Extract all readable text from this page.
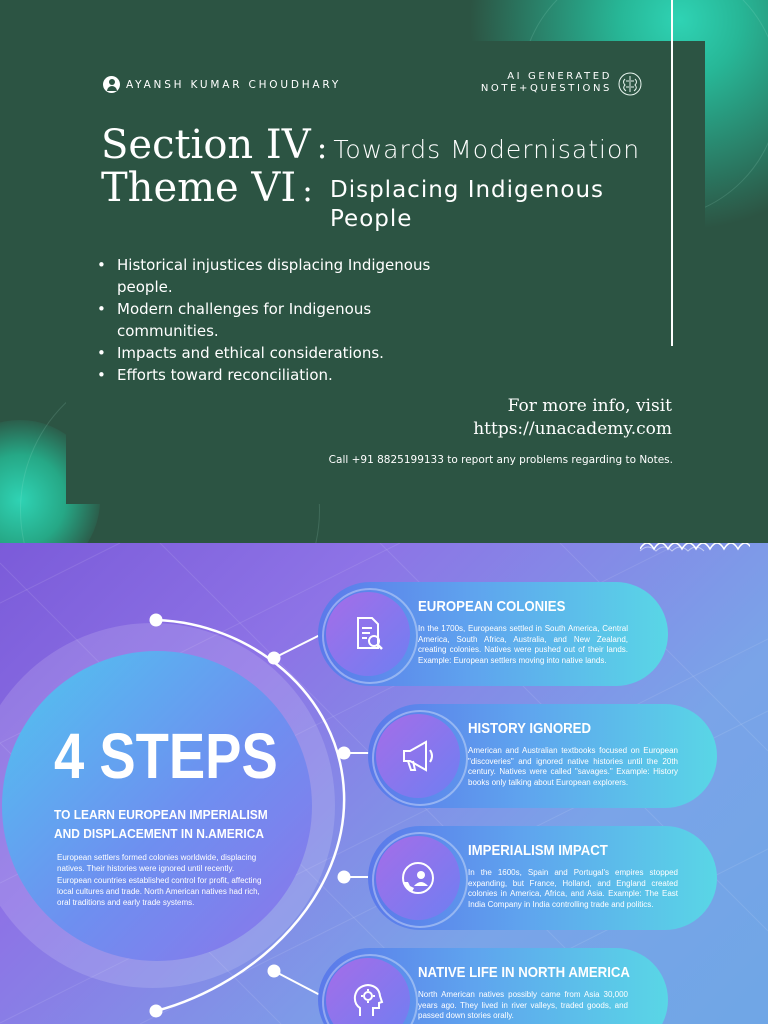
AYANSH KUMAR CHOUDHARY
AI GENERATED
NOTE+QUESTIONS
Section IV : Towards Modernisation
Theme VI : Displacing Indigenous People
• Historical injustices displacing Indigenous people.
• Modern challenges for Indigenous communities.
• Impacts and ethical considerations.
• Efforts toward reconciliation.
For more info, visit
https://unacademy.com
Call +91 8825199133 to report any problems regarding to Notes.
4 STEPS
TO LEARN EUROPEAN IMPERIALISM AND DISPLACEMENT IN N.AMERICA
European settlers formed colonies worldwide, displacing natives. Their histories were ignored until recently. European countries established control for profit, affecting local cultures and trade. North American natives had rich, oral traditions and early trade systems.
EUROPEAN COLONIES

In the 1700s, Europeans settled in South America, Central America, South Africa, Australia, and New Zealand, creating colonies. Natives were pushed out of their lands. Example: European settlers moving into native lands.

HISTORY IGNORED

American and Australian textbooks focused on European "discoveries" and ignored native histories until the 20th century. Natives were called "savages." Example: History books only talking about European explorers.

IMPERIALISM IMPACT

In the 1600s, Spain and Portugal's empires stopped expanding, but France, Holland, and England created colonies in America, Africa, and Asia. Example: The East India Company in India controlling trade and politics.

NATIVE LIFE IN NORTH AMERICA

North American natives possibly came from Asia 30,000 years ago. They lived in river valleys, traded goods, and passed down stories orally.
